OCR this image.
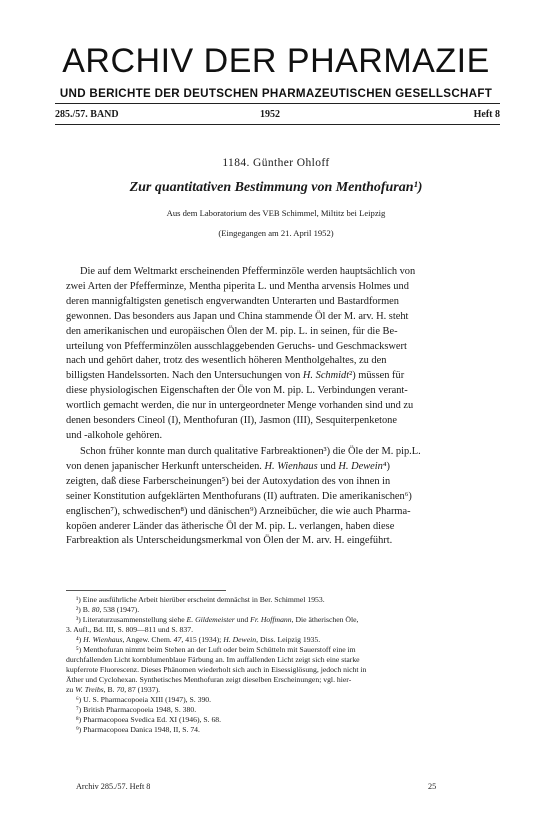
ARCHIV DER PHARMAZIE
UND BERICHTE DER DEUTSCHEN PHARMAZEUTISCHEN GESELLSCHAFT
285./57. BAND	1952	Heft 8
1184. Günther Ohloff
Zur quantitativen Bestimmung von Menthofuran¹)
Aus dem Laboratorium des VEB Schimmel, Miltitz bei Leipzig
(Eingegangen am 21. April 1952)
Die auf dem Weltmarkt erscheinenden Pfefferminzöle werden hauptsächlich von
zwei Arten der Pfefferminze, Mentha piperita L. und Mentha arvensis Holmes und
deren mannigfaltigsten genetisch engverwandten Unterarten und Bastardformen
gewonnen. Das besonders aus Japan und China stammende Öl der M. arv. H. steht
den amerikanischen und europäischen Ölen der M. pip. L. in seinen, für die Be-
urteilung von Pfefferminzölen ausschlaggebenden Geruchs- und Geschmackswert
nach und gehört daher, trotz des wesentlich höheren Mentholgehaltes, zu den
billigsten Handelssorten. Nach den Untersuchungen von H. Schmidt²) müssen für
diese physiologischen Eigenschaften der Öle von M. pip. L. Verbindungen verant-
wortlich gemacht werden, die nur in untergeordneter Menge vorhanden sind und zu
denen besonders Cineol (I), Menthofuran (II), Jasmon (III), Sesquiterpenketone
und -alkohole gehören.
Schon früher konnte man durch qualitative Farbreaktionen³) die Öle der M. pip.L.
von denen japanischer Herkunft unterscheiden. H. Wienhaus und H. Dewein⁴)
zeigten, daß diese Farberscheinungen⁵) bei der Autoxydation des von ihnen in
seiner Konstitution aufgeklärten Menthofurans (II) auftraten. Die amerikanischen⁶)
englischen⁷), schwedischen⁸) und dänischen⁹) Arzneibücher, die wie auch Pharma-
kopöen anderer Länder das ätherische Öl der M. pip. L. verlangen, haben diese
Farbreaktion als Unterscheidungsmerkmal von Ölen der M. arv. H. eingeführt.
¹) Eine ausführliche Arbeit hierüber erscheint demnächst in Ber. Schimmel 1953.
²) B. 80, 538 (1947).
³) Literaturzusammenstellung siehe E. Gildemeister und Fr. Hoffmann, Die ätherischen Öle,
3. Aufl., Bd. III, S. 809—811 und S. 837.
⁴) H. Wienhaus, Angew. Chem. 47, 415 (1934); H. Dewein, Diss. Leipzig 1935.
⁵) Menthofuran nimmt beim Stehen an der Luft oder beim Schütteln mit Sauerstoff eine im
durchfallenden Licht kornblumenblaue Färbung an. Im auffallenden Licht zeigt sich eine starke
kupferrote Fluorescenz. Dieses Phänomen wiederholt sich auch in Eisessiglösung, jedoch nicht in
Äther und Cyclohexan. Synthetisches Menthofuran zeigt dieselben Erscheinungen; vgl. hier-
zu W. Treibs, B. 70, 87 (1937).
⁶) U. S. Pharmacopoeia XIII (1947), S. 390.
⁷) British Pharmacopoeia 1948, S. 380.
⁸) Pharmacopoea Svedica Ed. XI (1946), S. 68.
⁹) Pharmacopoea Danica 1948, II, S. 74.
Archiv 285./57. Heft 8	25
